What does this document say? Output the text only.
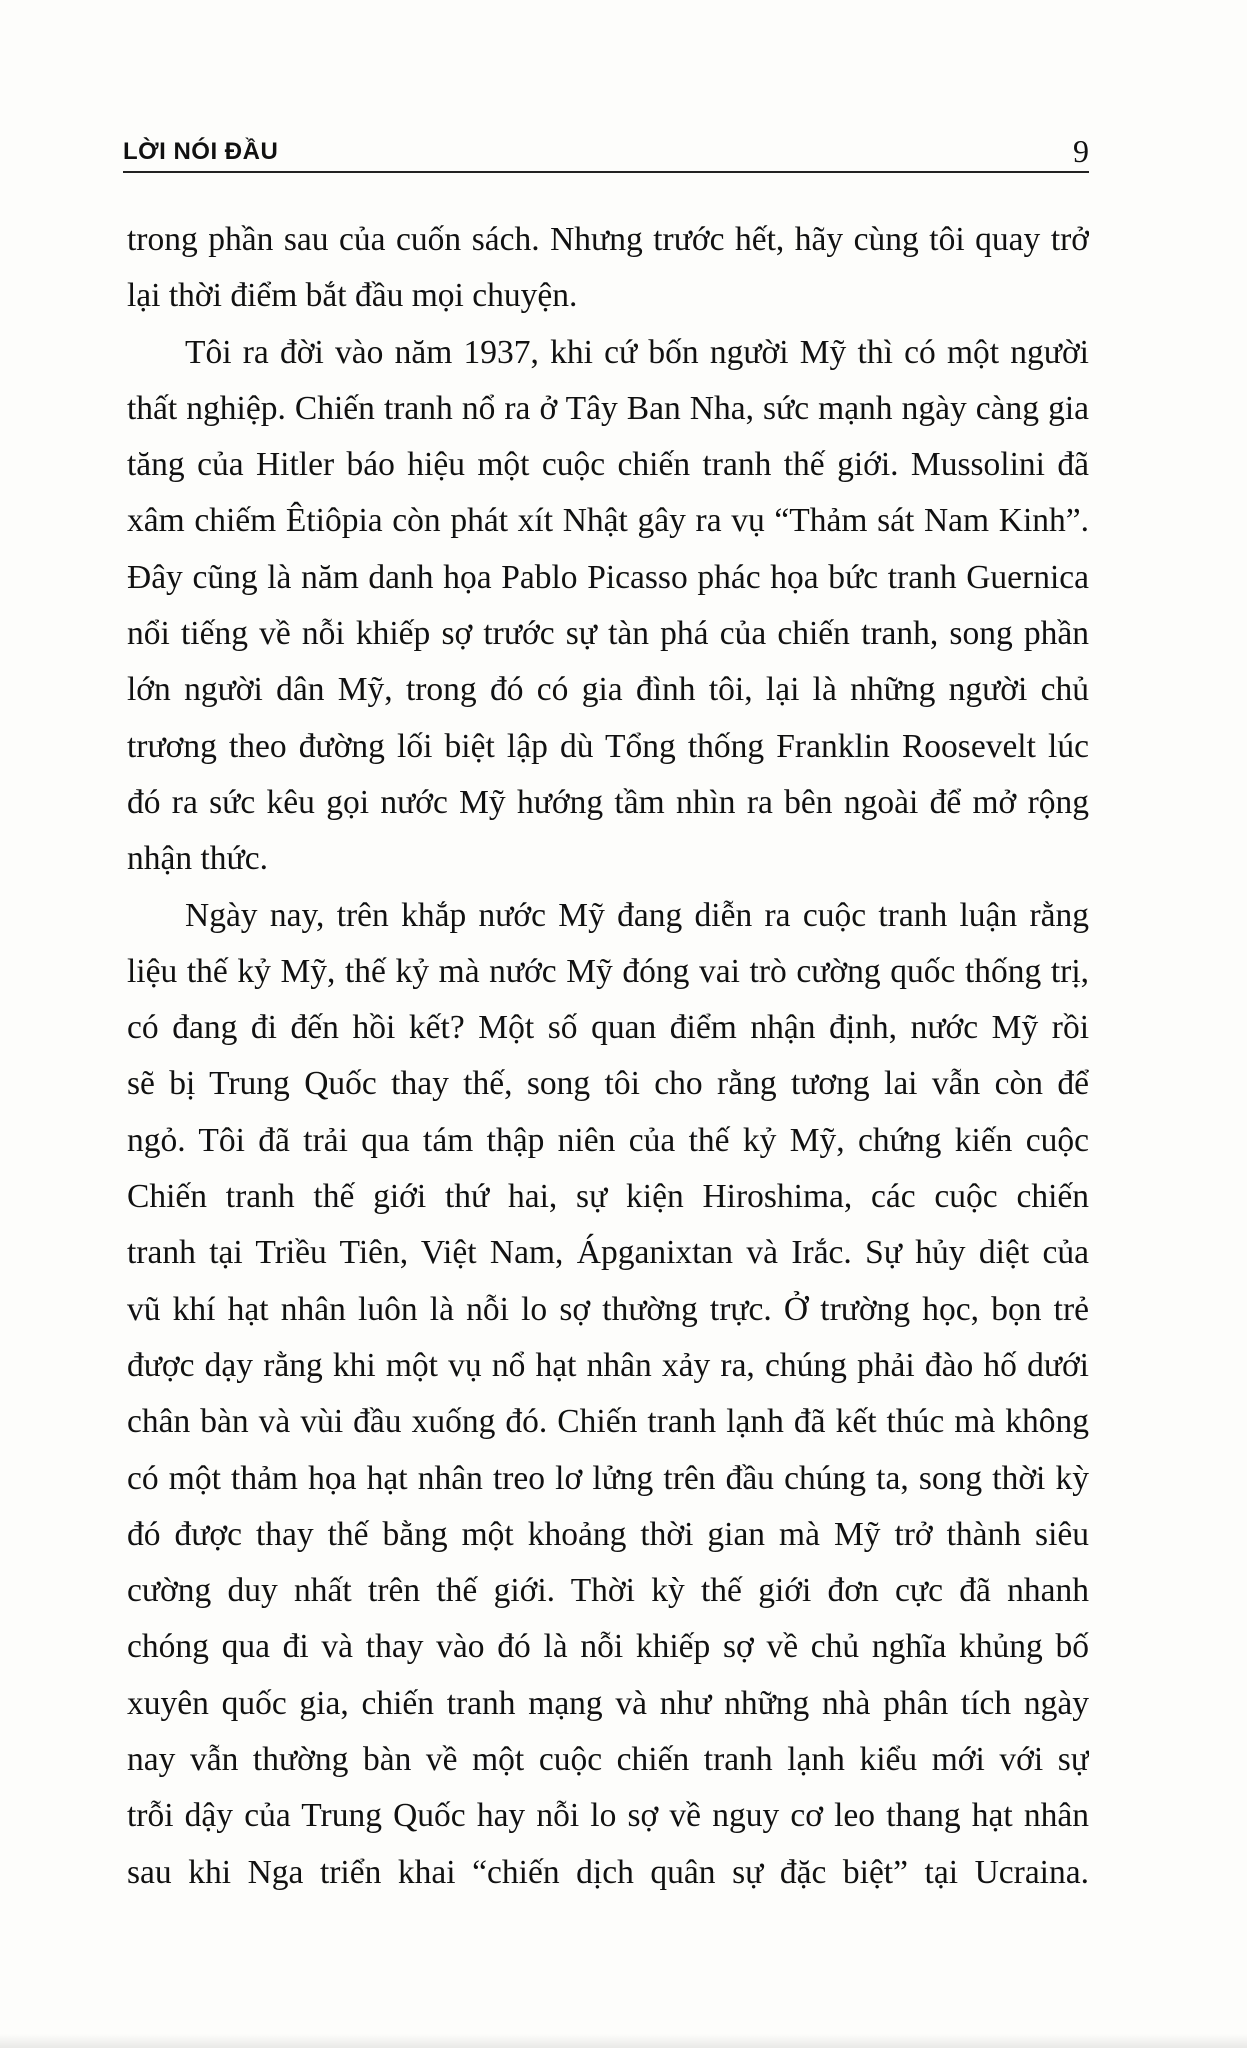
LỜI NÓI ĐẦU	9
trong phần sau của cuốn sách. Nhưng trước hết, hãy cùng tôi quay trở
lại thời điểm bắt đầu mọi chuyện.
Tôi ra đời vào năm 1937, khi cứ bốn người Mỹ thì có một người
thất nghiệp. Chiến tranh nổ ra ở Tây Ban Nha, sức mạnh ngày càng gia
tăng của Hitler báo hiệu một cuộc chiến tranh thế giới. Mussolini đã
xâm chiếm Êtiôpia còn phát xít Nhật gây ra vụ “Thảm sát Nam Kinh”.
Đây cũng là năm danh họa Pablo Picasso phác họa bức tranh Guernica
nổi tiếng về nỗi khiếp sợ trước sự tàn phá của chiến tranh, song phần
lớn người dân Mỹ, trong đó có gia đình tôi, lại là những người chủ
trương theo đường lối biệt lập dù Tổng thống Franklin Roosevelt lúc
đó ra sức kêu gọi nước Mỹ hướng tầm nhìn ra bên ngoài để mở rộng
nhận thức.
Ngày nay, trên khắp nước Mỹ đang diễn ra cuộc tranh luận rằng
liệu thế kỷ Mỹ, thế kỷ mà nước Mỹ đóng vai trò cường quốc thống trị,
có đang đi đến hồi kết? Một số quan điểm nhận định, nước Mỹ rồi
sẽ bị Trung Quốc thay thế, song tôi cho rằng tương lai vẫn còn để
ngỏ. Tôi đã trải qua tám thập niên của thế kỷ Mỹ, chứng kiến cuộc
Chiến tranh thế giới thứ hai, sự kiện Hiroshima, các cuộc chiến
tranh tại Triều Tiên, Việt Nam, Ápganixtan và Irắc. Sự hủy diệt của
vũ khí hạt nhân luôn là nỗi lo sợ thường trực. Ở trường học, bọn trẻ
được dạy rằng khi một vụ nổ hạt nhân xảy ra, chúng phải đào hố dưới
chân bàn và vùi đầu xuống đó. Chiến tranh lạnh đã kết thúc mà không
có một thảm họa hạt nhân treo lơ lửng trên đầu chúng ta, song thời kỳ
đó được thay thế bằng một khoảng thời gian mà Mỹ trở thành siêu
cường duy nhất trên thế giới. Thời kỳ thế giới đơn cực đã nhanh
chóng qua đi và thay vào đó là nỗi khiếp sợ về chủ nghĩa khủng bố
xuyên quốc gia, chiến tranh mạng và như những nhà phân tích ngày
nay vẫn thường bàn về một cuộc chiến tranh lạnh kiểu mới với sự
trỗi dậy của Trung Quốc hay nỗi lo sợ về nguy cơ leo thang hạt nhân
sau khi Nga triển khai “chiến dịch quân sự đặc biệt” tại Ucraina.
